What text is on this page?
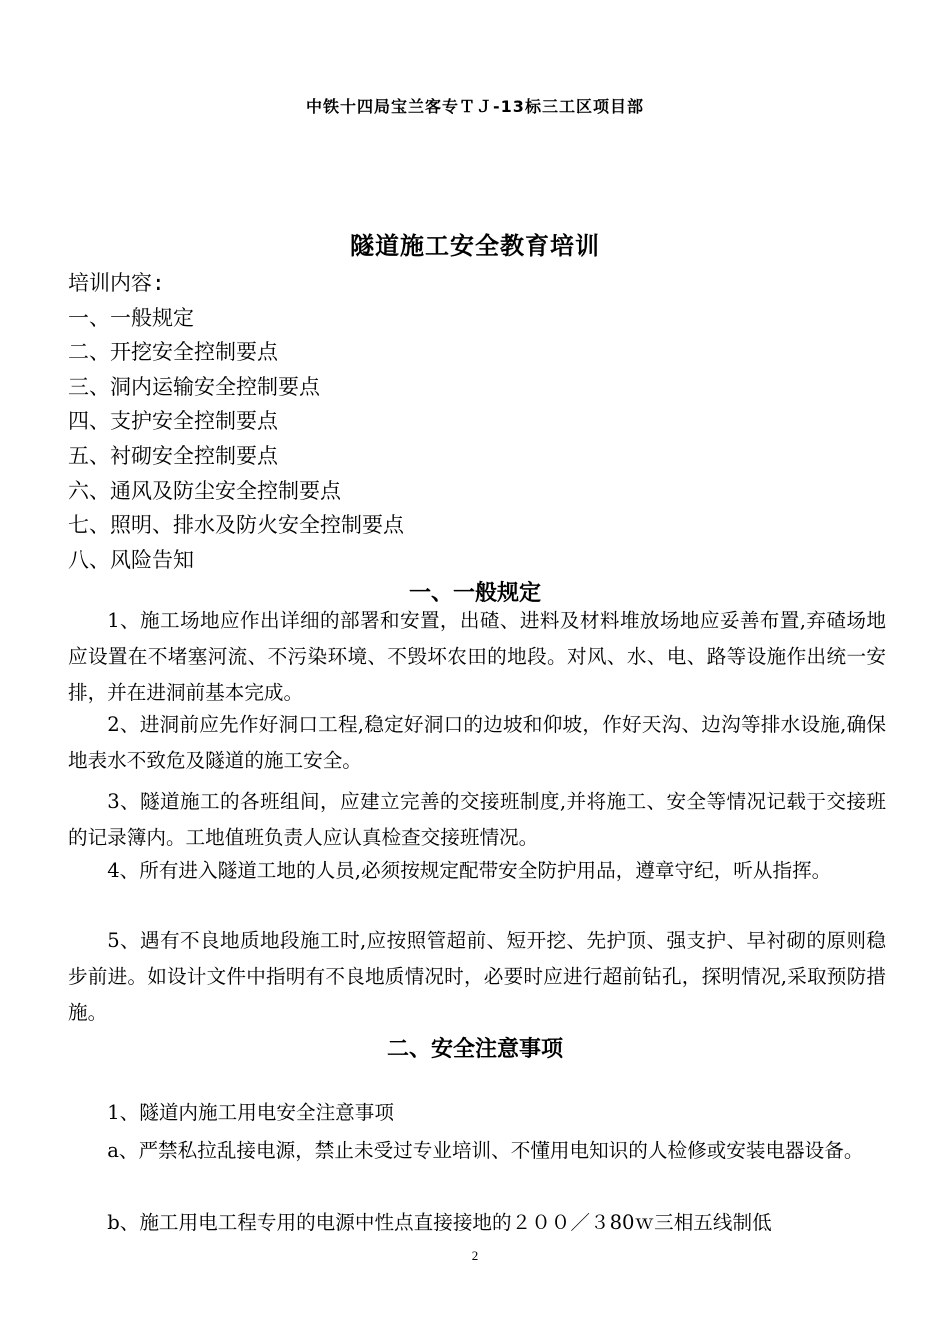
中铁十四局宝兰客专ＴＪ-13标三工区项目部
隧道施工安全教育培训
培训内容:
一、一般规定
二、开挖安全控制要点
三、洞内运输安全控制要点
四、支护安全控制要点
五、衬砌安全控制要点
六、通风及防尘安全控制要点
七、照明、排水及防火安全控制要点
八、风险告知
一、一般规定
1、施工场地应作出详细的部署和安置，出碴、进料及材料堆放场地应妥善布置,弃碴场地应设置在不堵塞河流、不污染环境、不毁坏农田的地段。对风、水、电、路等设施作出统一安排，并在进洞前基本完成。
2、进洞前应先作好洞口工程,稳定好洞口的边坡和仰坡，作好天沟、边沟等排水设施,确保地表水不致危及隧道的施工安全。
3、隧道施工的各班组间，应建立完善的交接班制度,并将施工、安全等情况记载于交接班的记录簿内。工地值班负责人应认真检查交接班情况。
4、所有进入隧道工地的人员,必须按规定配带安全防护用品，遵章守纪，听从指挥。
5、遇有不良地质地段施工时,应按照管超前、短开挖、先护顶、强支护、早衬砌的原则稳步前进。如设计文件中指明有不良地质情况时，必要时应进行超前钻孔，探明情况,采取预防措施。
二、安全注意事项
1、隧道内施工用电安全注意事项
a、严禁私拉乱接电源，禁止未受过专业培训、不懂用电知识的人检修或安装电器设备。
b、施工用电工程专用的电源中性点直接接地的２００／３80ｗ三相五线制低
2
